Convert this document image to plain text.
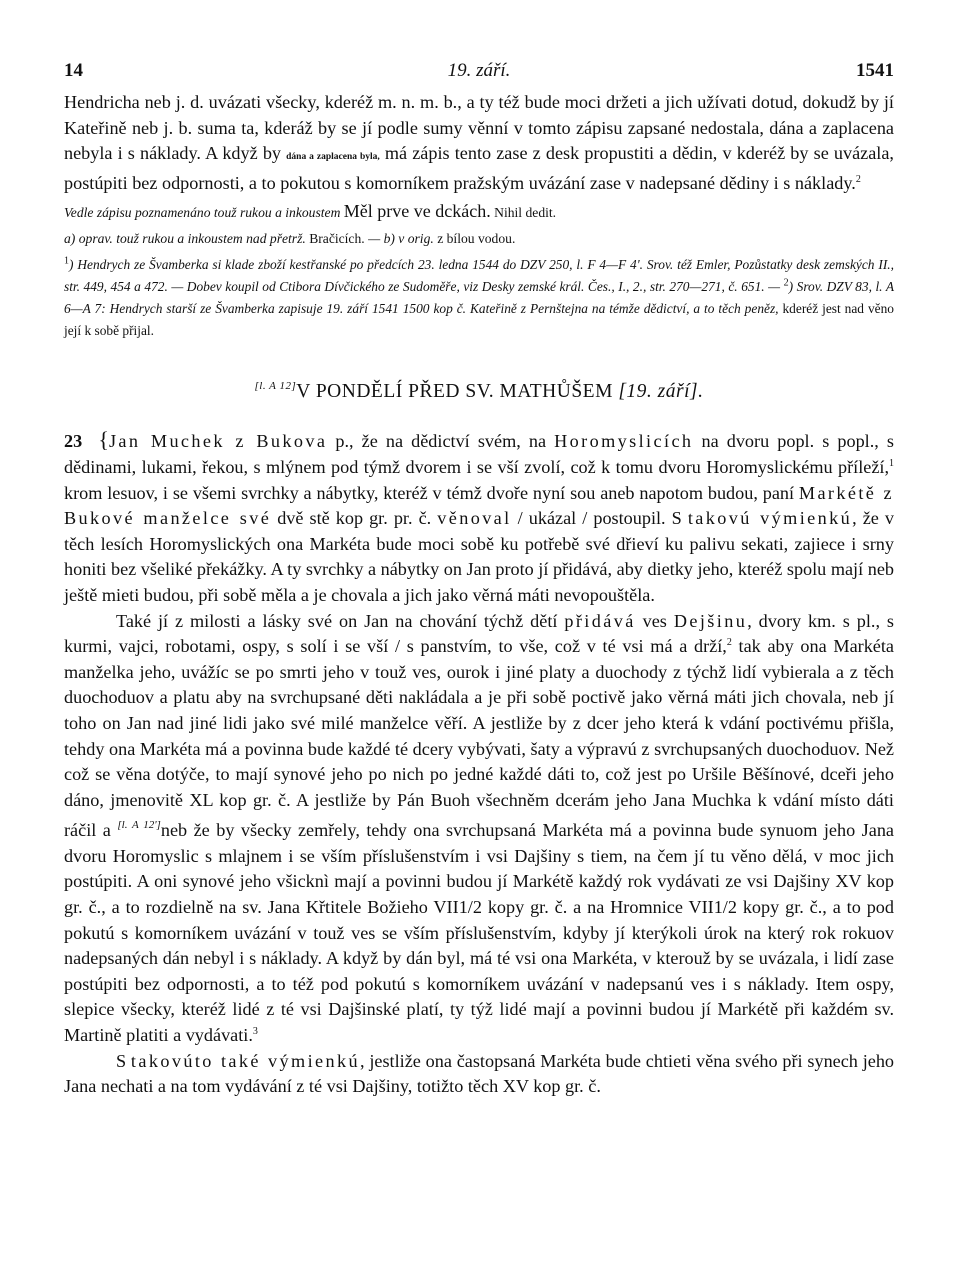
14	19. září.	1541

Hendricha neb j. d. uvázati všecky, kderéž m. n. m. b., a ty též bude moci držeti a jich užívati dotud, dokudž by jí Kateřině neb j. b. suma ta, kderáž by se jí podle sumy věnní v tomto zápisu zapsané nedostala, dána a zaplacena nebyla i s náklady. A když by dána a zaplacena byla, má zápis tento zase z desk propustiti a dědin, v kderéž by se uvázala, postúpiti bez odpornosti, a to pokutou s komorníkem pražským uvázání zase v nadepsané dědiny i s náklady.$^2$

Vedle zápisu poznamenáno touž rukou a inkoustem Měl prve ve dckách. Nihil dedit.

a) oprav. touž rukou a inkoustem nad přetrž. Bračicích. — b) v orig. z bílou vodou.

$^1$) Hendrych ze Švamberka si klade zboží kestřanské po předcích 23. ledna 1544 do DZV 250, l. F 4—F 4'. Srov. též Emler, Pozůstatky desk zemských II., str. 449, 454 a 472. — Dobev koupil od Ctibora Dívčického ze Sudoměře, viz Desky zemské král. Čes., I., 2., str. 270—271, č. 651. — $^2$) Srov. DZV 83, l. A 6—A 7: Hendrych starší ze Švamberka zapisuje 19. září 1541 1500 kop č. Kateřině z Pernštejna na témže dědictví, a to těch peněz, kderéž jest nad věno její k sobě přijal.

[l. A 12]V PONDĚLÍ PŘED SV. MATHŮŠEM [19. září].

23 {Jan Muchek z Bukova p., že na dědictví svém, na Horomyslicích na dvoru popl. s popl., s dědinami, lukami, řekou, s mlýnem pod týmž dvorem i se vší zvolí, což k tomu dvoru Horomyslickému příleží,$^1$ krom lesuov, i se všemi svrchky a nábytky, kteréž v témž dvoře nyní sou aneb napotom budou, paní Markétě z Bukové manželce své dvě stě kop gr. pr. č. věnoval / ukázal / postoupil. S takovú výmienkú, že v těch lesích Horomyslických ona Markéta bude moci sobě ku potřebě své dřieví ku palivu sekati, zajiece i srny honiti bez všeliké překážky. A ty svrchky a nábytky on Jan proto jí přidává, aby dietky jeho, kteréž spolu mají neb ještě mieti budou, při sobě měla a je chovala a jich jako věrná máti nevopouštěla.

Také jí z milosti a lásky své on Jan na chování týchž dětí přidává ves Dejšinu, dvory km. s pl., s kurmi, vajci, robotami, ospy, s solí i se vší / s panstvím, to vše, což v té vsi má a drží,$^2$ tak aby ona Markéta manželka jeho, uvážíc se po smrti jeho v touž ves, ourok i jiné platy a duochody z týchž lidí vybierala a z těch duochoduov a platu aby na svrchupsané děti nakládala a je při sobě poctivě jako věrná máti jich chovala, neb jí toho on Jan nad jiné lidi jako své milé manželce věří. A jestliže by z dcer jeho která k vdání poctivému přišla, tehdy ona Markéta má a povinna bude každé té dcery vybývati, šaty a výpravú z svrchupsaných duochoduov. Než což se věna dotýče, to mají synové jeho po nich po jedné každé dáti to, což jest po Uršile Běšínové, dceři jeho dáno, jmenovitě XL kop gr. č. A jestliže by Pán Buoh všechněm dcerám jeho Jana Muchka k vdání místo dáti ráčil a [l. A 12']neb že by všecky zemřely, tehdy ona svrchupsaná Markéta má a povinna bude synuom jeho Jana dvoru Horomyslic s mlajnem i se vším příslušenstvím i vsi Dajšiny s tiem, na čem jí tu věno dělá, v moc jich postúpiti. A oni synové jeho všicknì mají a povinni budou jí Markétě každý rok vydávati ze vsi Dajšiny XV kop gr. č., a to rozdielně na sv. Jana Křtitele Božieho VII1/2 kopy gr. č. a na Hromnice VII1/2 kopy gr. č., a to pod pokutú s komorníkem uvázání v touž ves se vším příslušenstvím, kdyby jí kterýkoli úrok na který rok rokuov nadepsaných dán nebyl i s náklady. A když by dán byl, má té vsi ona Markéta, v kterouž by se uvázala, i lidí zase postúpiti bez odpornosti, a to též pod pokutú s komorníkem uvázání v nadepsanú ves i s náklady. Item ospy, slepice všecky, kteréž lidé z té vsi Dajšinské platí, ty týž lidé mají a povinni budou jí Markétě při každém sv. Martině platiti a vydávati.$^3$

S takovúto také výmienkú, jestliže ona častopsaná Markéta bude chtieti věna svého při synech jeho Jana nechati a na tom vydávání z té vsi Dajšiny, totižto těch XV kop gr. č.
